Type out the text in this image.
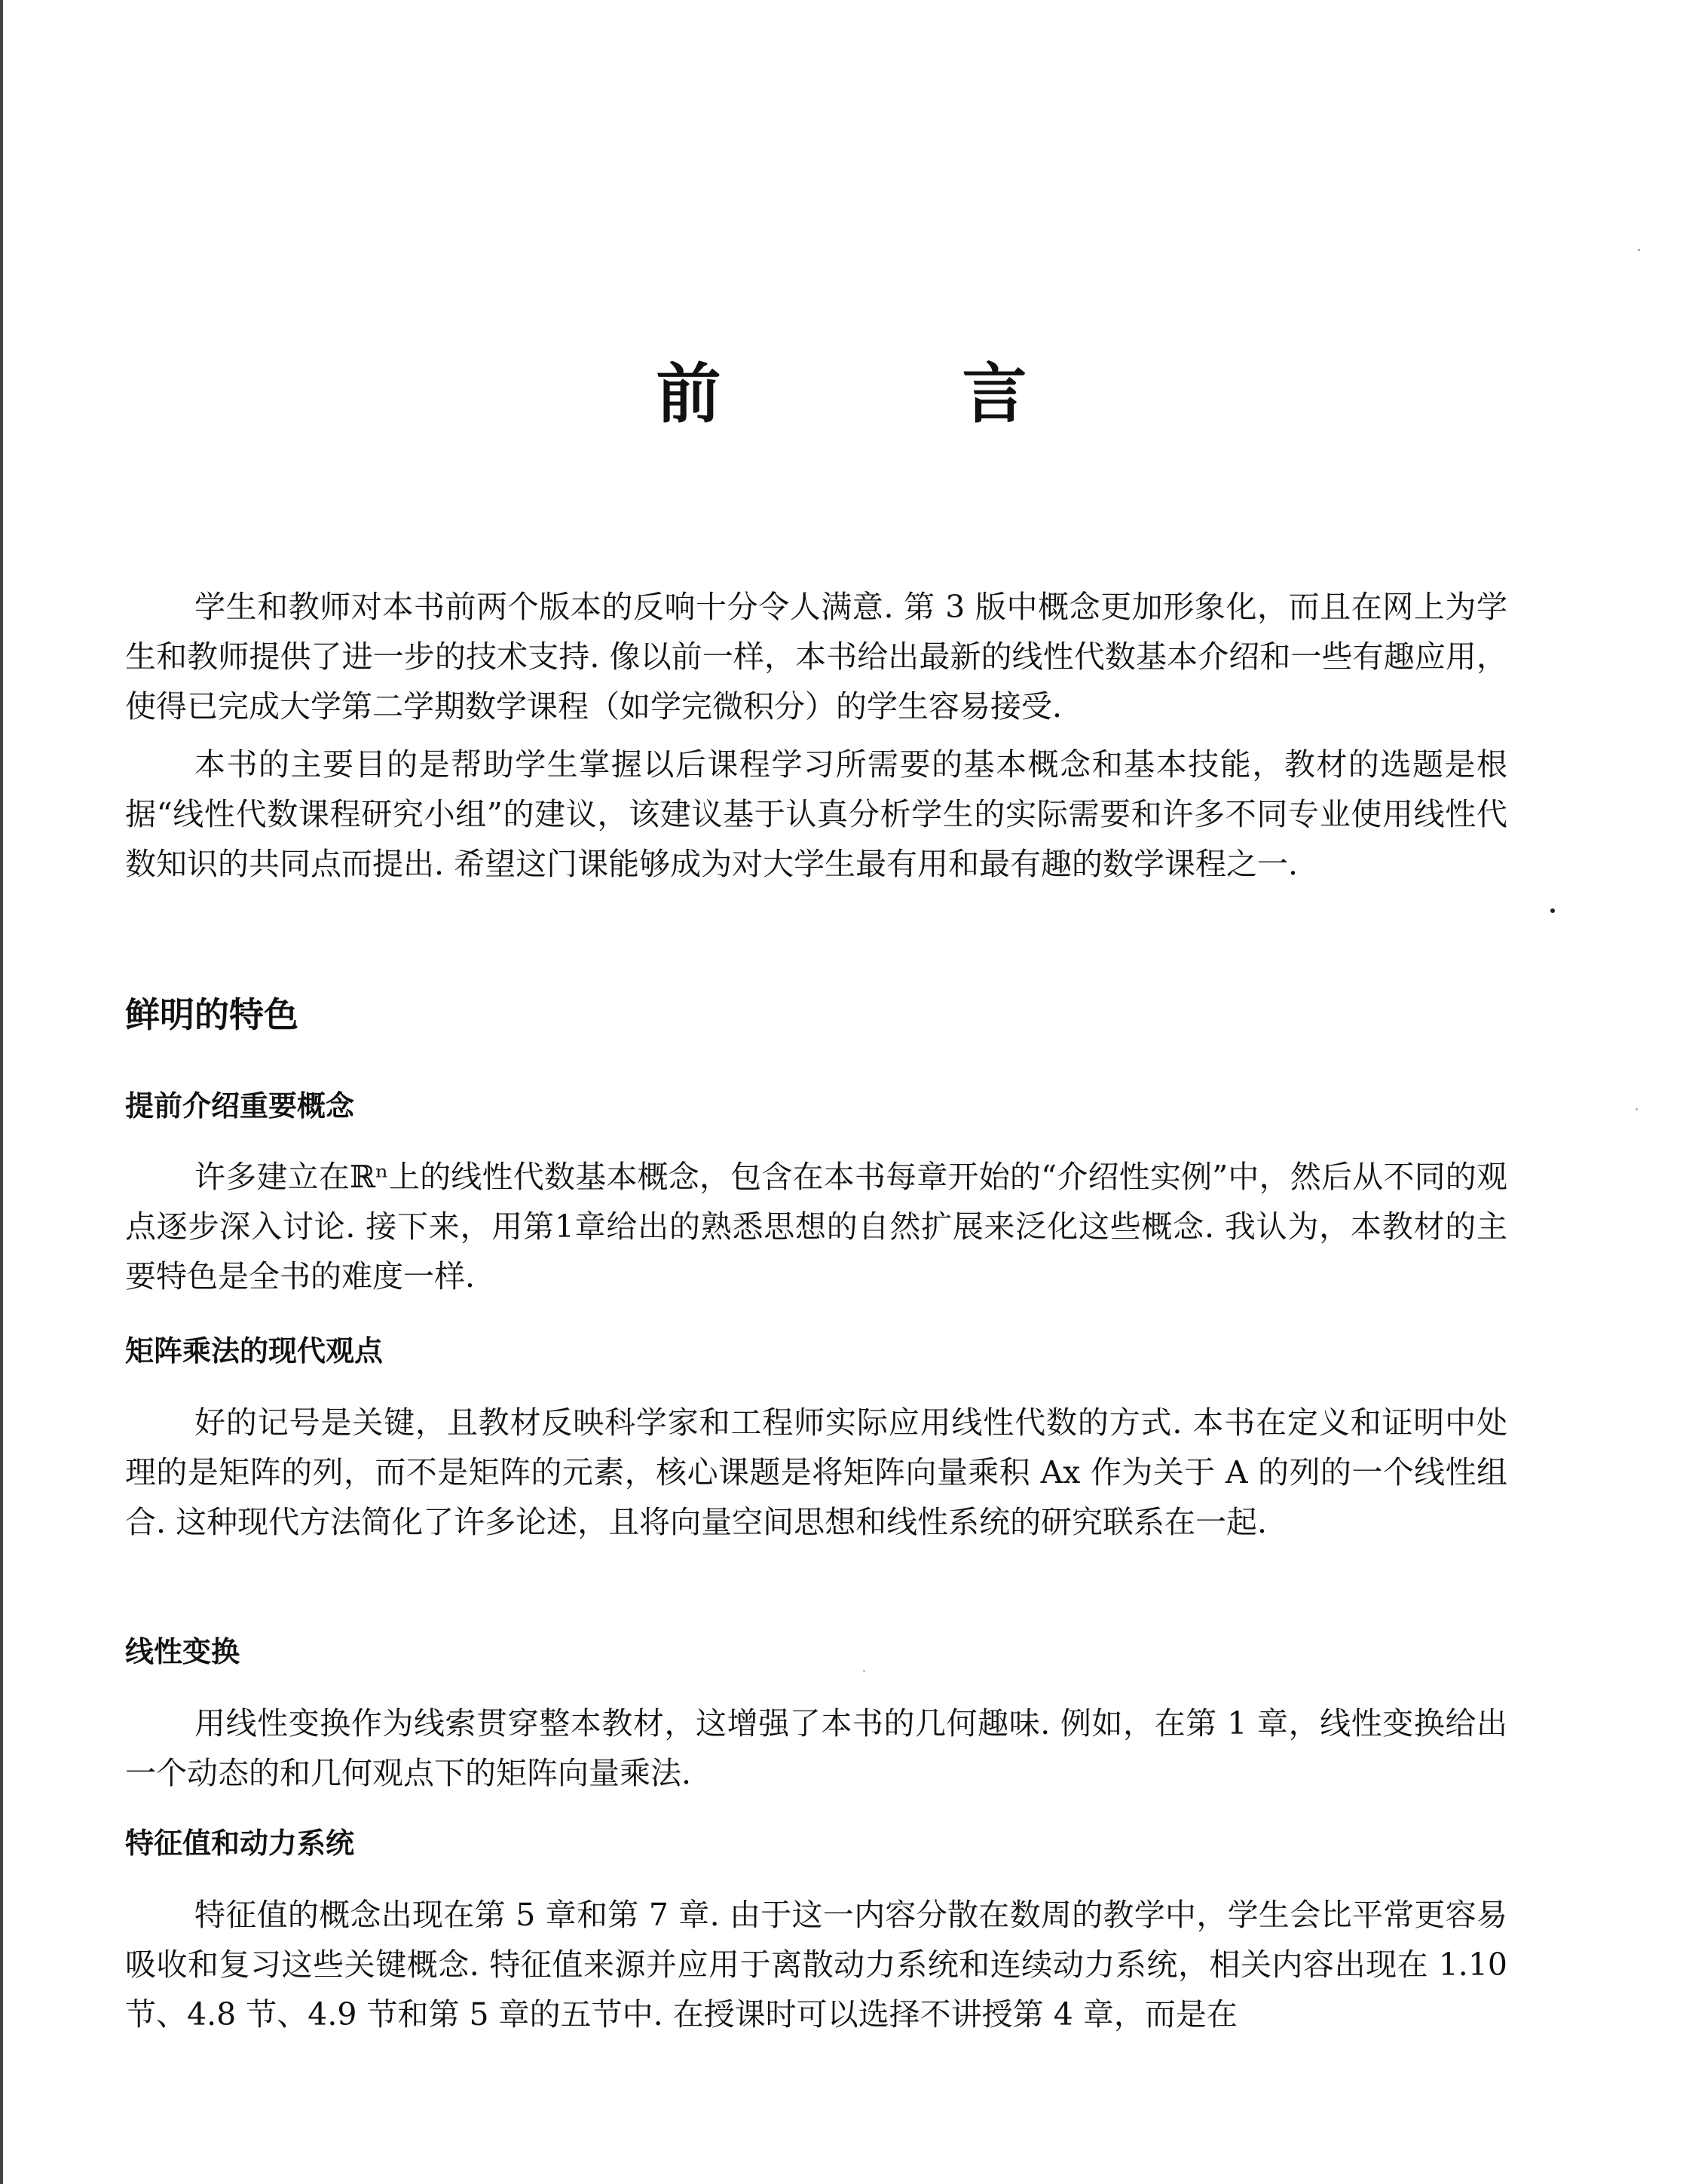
前 言

学生和教师对本书前两个版本的反响十分令人满意. 第 3 版中概念更加形象化，而且在网上为学生和教师提供了进一步的技术支持. 像以前一样，本书给出最新的线性代数基本介绍和一些有趣应用，使得已完成大学第二学期数学课程（如学完微积分）的学生容易接受.

本书的主要目的是帮助学生掌握以后课程学习所需要的基本概念和基本技能，教材的选题是根据“线性代数课程研究小组”的建议，该建议基于认真分析学生的实际需要和许多不同专业使用线性代数知识的共同点而提出. 希望这门课能够成为对大学生最有用和最有趣的数学课程之一.

鲜明的特色
提前介绍重要概念

许多建立在ℝⁿ上的线性代数基本概念，包含在本书每章开始的“介绍性实例”中，然后从不同的观点逐步深入讨论. 接下来，用第1章给出的熟悉思想的自然扩展来泛化这些概念. 我认为，本教材的主要特色是全书的难度一样.

矩阵乘法的现代观点

好的记号是关键，且教材反映科学家和工程师实际应用线性代数的方式. 本书在定义和证明中处理的是矩阵的列，而不是矩阵的元素，核心课题是将矩阵向量乘积 Ax 作为关于 A 的列的一个线性组合. 这种现代方法简化了许多论述，且将向量空间思想和线性系统的研究联系在一起.

线性变换

用线性变换作为线索贯穿整本教材，这增强了本书的几何趣味. 例如，在第 1 章，线性变换给出一个动态的和几何观点下的矩阵向量乘法.

特征值和动力系统

特征值的概念出现在第 5 章和第 7 章. 由于这一内容分散在数周的教学中，学生会比平常更容易吸收和复习这些关键概念. 特征值来源并应用于离散动力系统和连续动力系统，相关内容出现在 1.10 节、4.8 节、4.9 节和第 5 章的五节中. 在授课时可以选择不讲授第 4 章，而是在
